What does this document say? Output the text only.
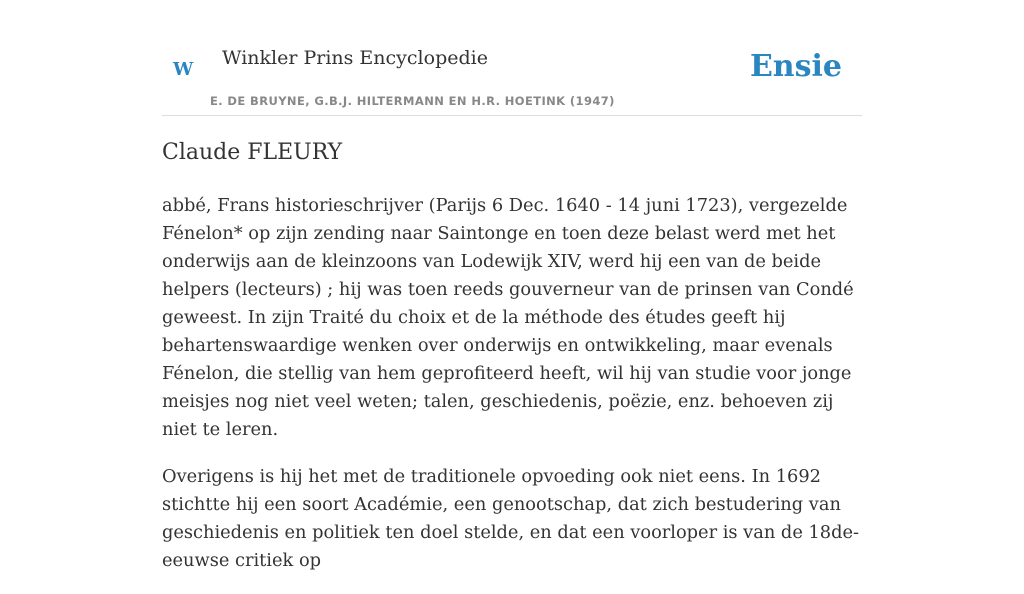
w Winkler Prins Encyclopedie
E. DE BRUYNE, G.B.J. HILTERMANN EN H.R. HOETINK (1947)
Ensie
Claude FLEURY

abbé, Frans historieschrijver (Parijs 6 Dec. 1640 - 14 juni 1723), vergezelde Fénelon* op zijn zending naar Saintonge en toen deze belast werd met het onderwijs aan de kleinzoons van Lodewijk XIV, werd hij een van de beide helpers (lecteurs) ; hij was toen reeds gouverneur van de prinsen van Condé geweest. In zijn Traité du choix et de la méthode des études geeft hij behartenswaardige wenken over onderwijs en ontwikkeling, maar evenals Fénelon, die stellig van hem geprofiteerd heeft, wil hij van studie voor jonge meisjes nog niet veel weten; talen, geschiedenis, poëzie, enz. behoeven zij niet te leren.

Overigens is hij het met de traditionele opvoeding ook niet eens. In 1692 stichtte hij een soort Académie, een genootschap, dat zich bestudering van geschiedenis en politiek ten doel stelde, en dat een voorloper is van de 18de-eeuwse critiek op
